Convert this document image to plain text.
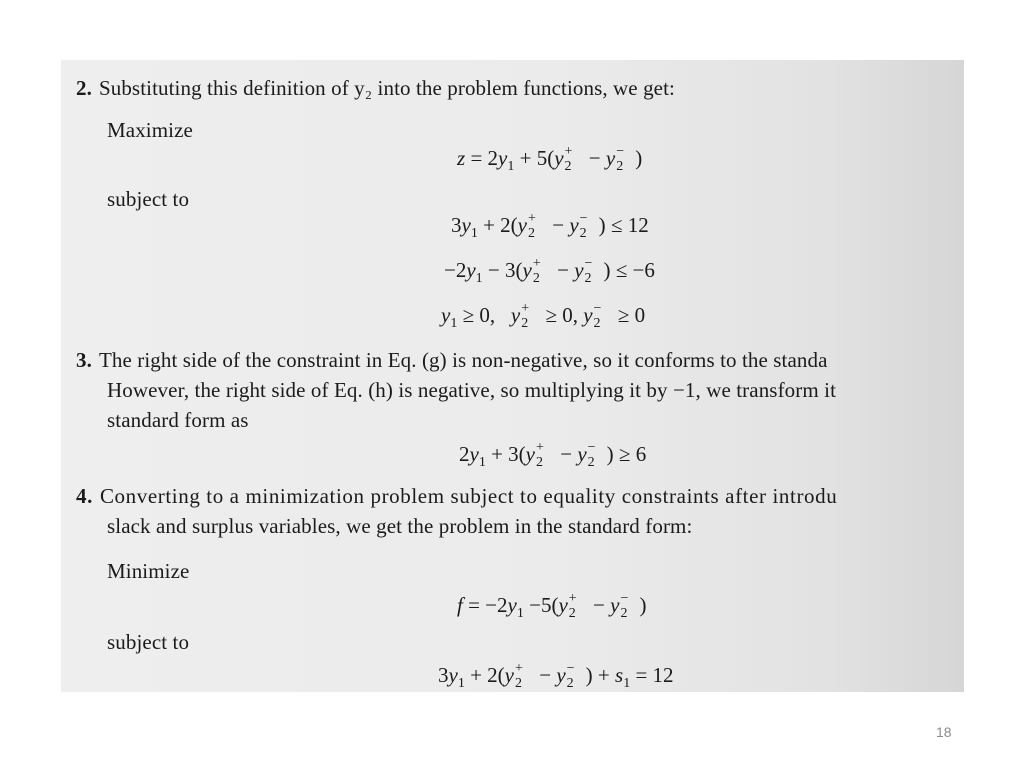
2. Substituting this definition of y₂ into the problem functions, we get:
Maximize
$z = 2y_1 + 5(y$ +
2 − y −
2 )
subject to
$3y_1 + 2(y$ +
2 − y −
2 ) ≤ 12
$-2y_1 - 3(y$ +
2 − y −
2 ) ≤ −6
$y_1 \ge 0$,   y +
2 ≥ 0, y −
2 ≥ 0
3. The right side of the constraint in Eq. (g) is non-negative, so it conforms to the standa
However, the right side of Eq. (h) is negative, so multiplying it by −1, we transform it
standard form as
$2y_1 + 3(y$ +
2 − y −
2 ) ≥ 6
4. Converting to a minimization problem subject to equality constraints after introdu
slack and surplus variables, we get the problem in the standard form:
Minimize
$f = -2y_1 -5(y$ +
2 − y −
2 )
subject to
$3y_1 + 2(y$ +
2 − y −
2 ) + $s_1 = 12$
18
